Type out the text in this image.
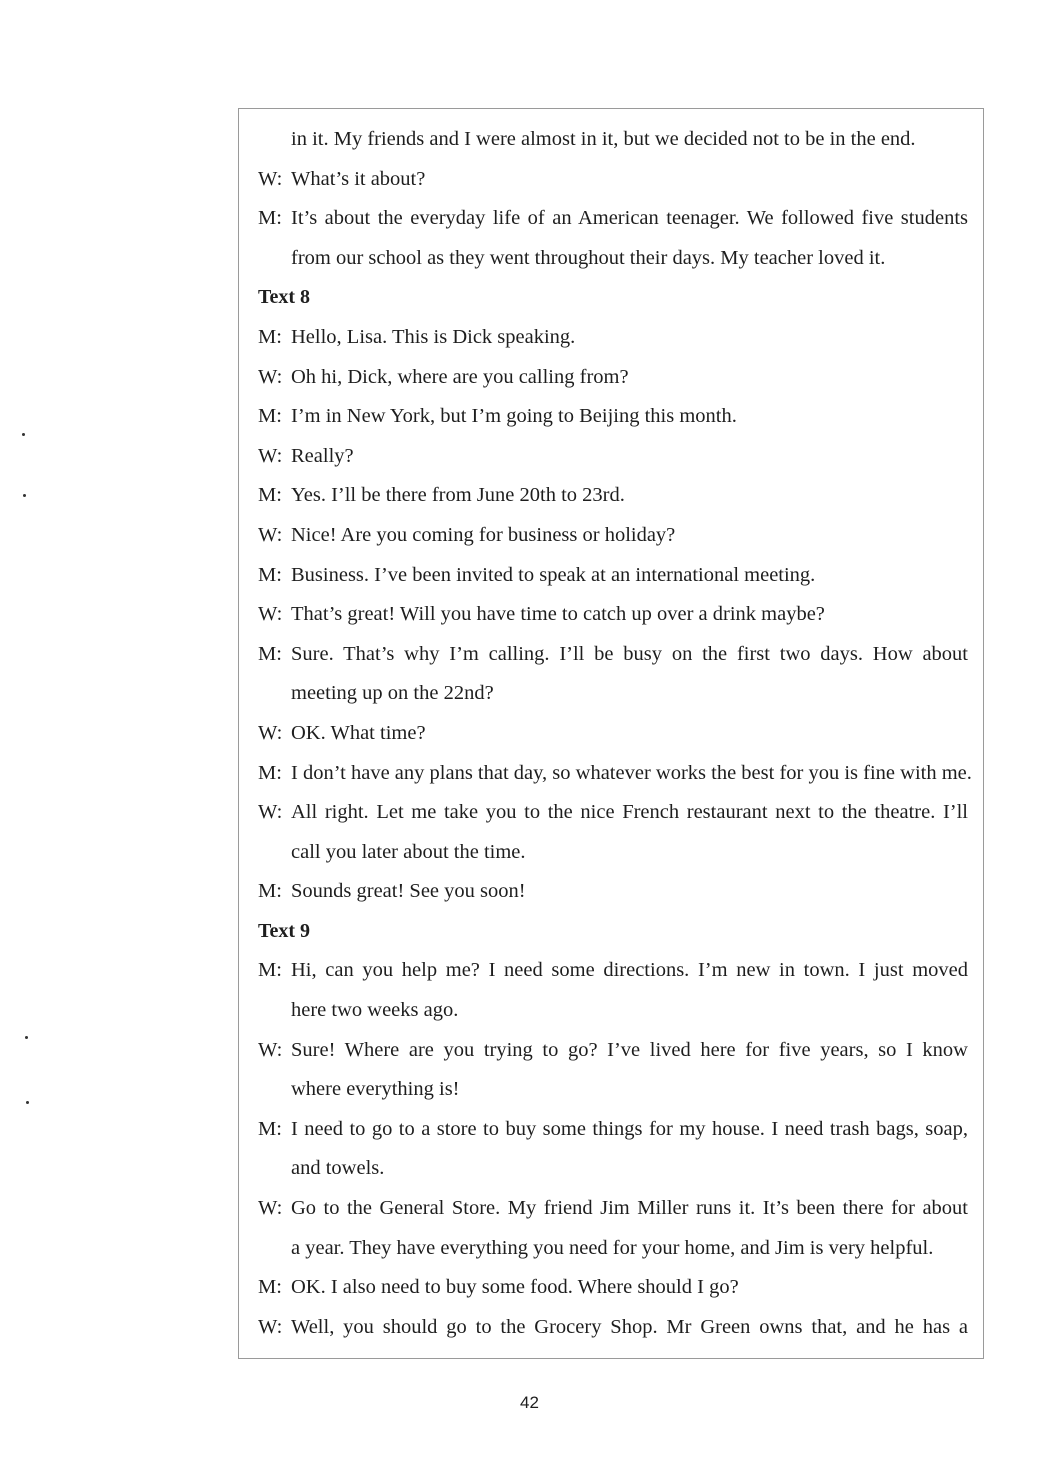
in it. My friends and I were almost in it, but we decided not to be in the end.
W: What’s it about?
M: It’s about the everyday life of an American teenager. We followed five students
from our school as they went throughout their days. My teacher loved it.
Text 8
M: Hello, Lisa. This is Dick speaking.
W: Oh hi, Dick, where are you calling from?
M: I’m in New York, but I’m going to Beijing this month.
W: Really?
M: Yes. I’ll be there from June 20th to 23rd.
W: Nice! Are you coming for business or holiday?
M: Business. I’ve been invited to speak at an international meeting.
W: That’s great! Will you have time to catch up over a drink maybe?
M: Sure. That’s why I’m calling. I’ll be busy on the first two days. How about
meeting up on the 22nd?
W: OK. What time?
M: I don’t have any plans that day, so whatever works the best for you is fine with me.
W: All right. Let me take you to the nice French restaurant next to the theatre. I’ll
call you later about the time.
M: Sounds great! See you soon!
Text 9
M: Hi, can you help me? I need some directions. I’m new in town. I just moved
here two weeks ago.
W: Sure! Where are you trying to go? I’ve lived here for five years, so I know
where everything is!
M: I need to go to a store to buy some things for my house. I need trash bags, soap,
and towels.
W: Go to the General Store. My friend Jim Miller runs it. It’s been there for about
a year. They have everything you need for your home, and Jim is very helpful.
M: OK. I also need to buy some food. Where should I go?
W: Well, you should go to the Grocery Shop. Mr Green owns that, and he has a
42
